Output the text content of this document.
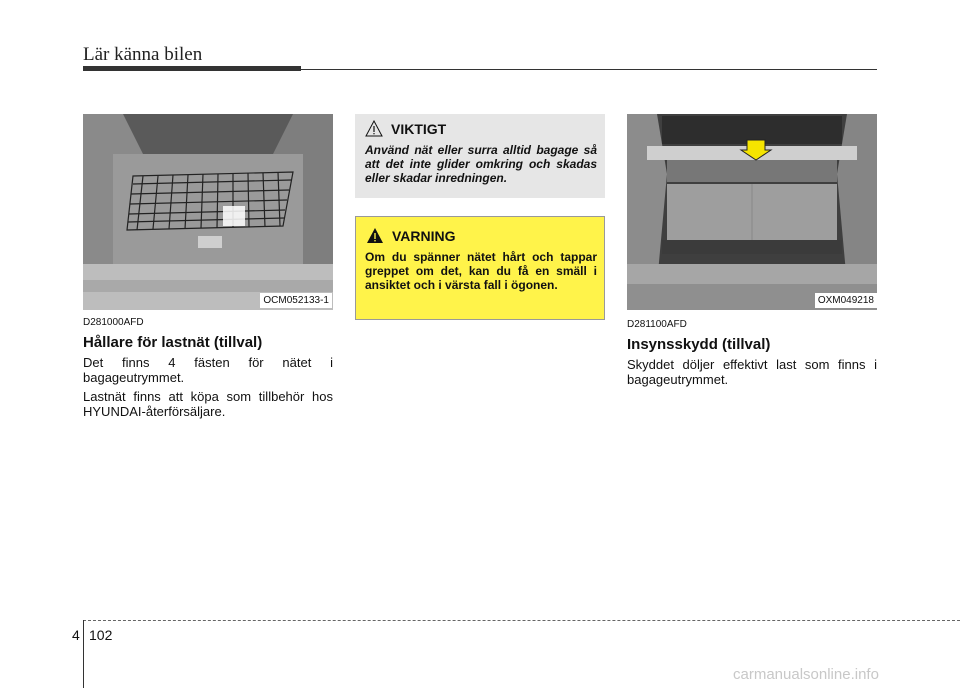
Lär känna bilen
OCM052133-1
D281000AFD
Hållare för lastnät (tillval)

Det finns 4 fästen för nätet i bagageutrymmet.

Lastnät finns att köpa som tillbehör hos HYUNDAI-återförsäljare.

VIKTIGT
Använd nät eller surra alltid bagage så att det inte glider omkring och skadas eller skadar inredningen.
VARNING
Om du spänner nätet hårt och tappar greppet om det, kan du få en smäll i ansiktet och i värsta fall i ögonen.
OXM049218
D281100AFD
Insynsskydd (tillval)

Skyddet döljer effektivt last som finns i bagageutrymmet.

4 102
carmanualsonline.info
